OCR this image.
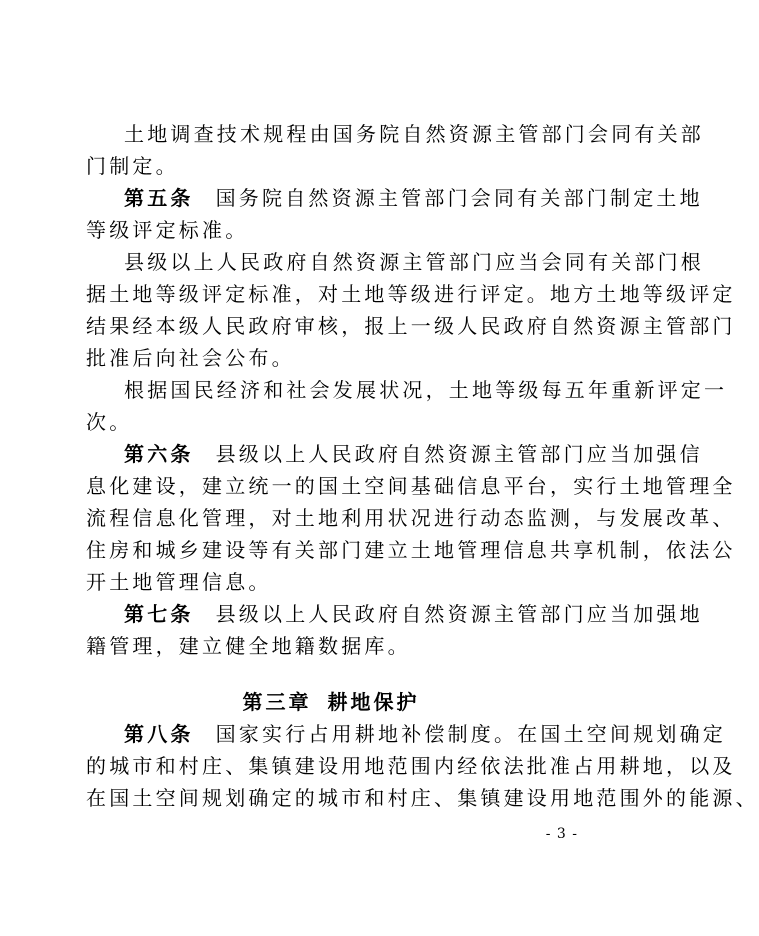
土地调查技术规程由国务院自然资源主管部门会同有关部
门制定。
第五条 国务院自然资源主管部门会同有关部门制定土地
等级评定标准。
县级以上人民政府自然资源主管部门应当会同有关部门根
据土地等级评定标准，对土地等级进行评定。地方土地等级评定
结果经本级人民政府审核，报上一级人民政府自然资源主管部门
批准后向社会公布。
根据国民经济和社会发展状况，土地等级每五年重新评定一
次。
第六条 县级以上人民政府自然资源主管部门应当加强信
息化建设，建立统一的国土空间基础信息平台，实行土地管理全
流程信息化管理，对土地利用状况进行动态监测，与发展改革、
住房和城乡建设等有关部门建立土地管理信息共享机制，依法公
开土地管理信息。
第七条 县级以上人民政府自然资源主管部门应当加强地
籍管理，建立健全地籍数据库。
第三章 耕地保护
第八条 国家实行占用耕地补偿制度。在国土空间规划确定
的城市和村庄、集镇建设用地范围内经依法批准占用耕地，以及
在国土空间规划确定的城市和村庄、集镇建设用地范围外的能源、
- 3 -
